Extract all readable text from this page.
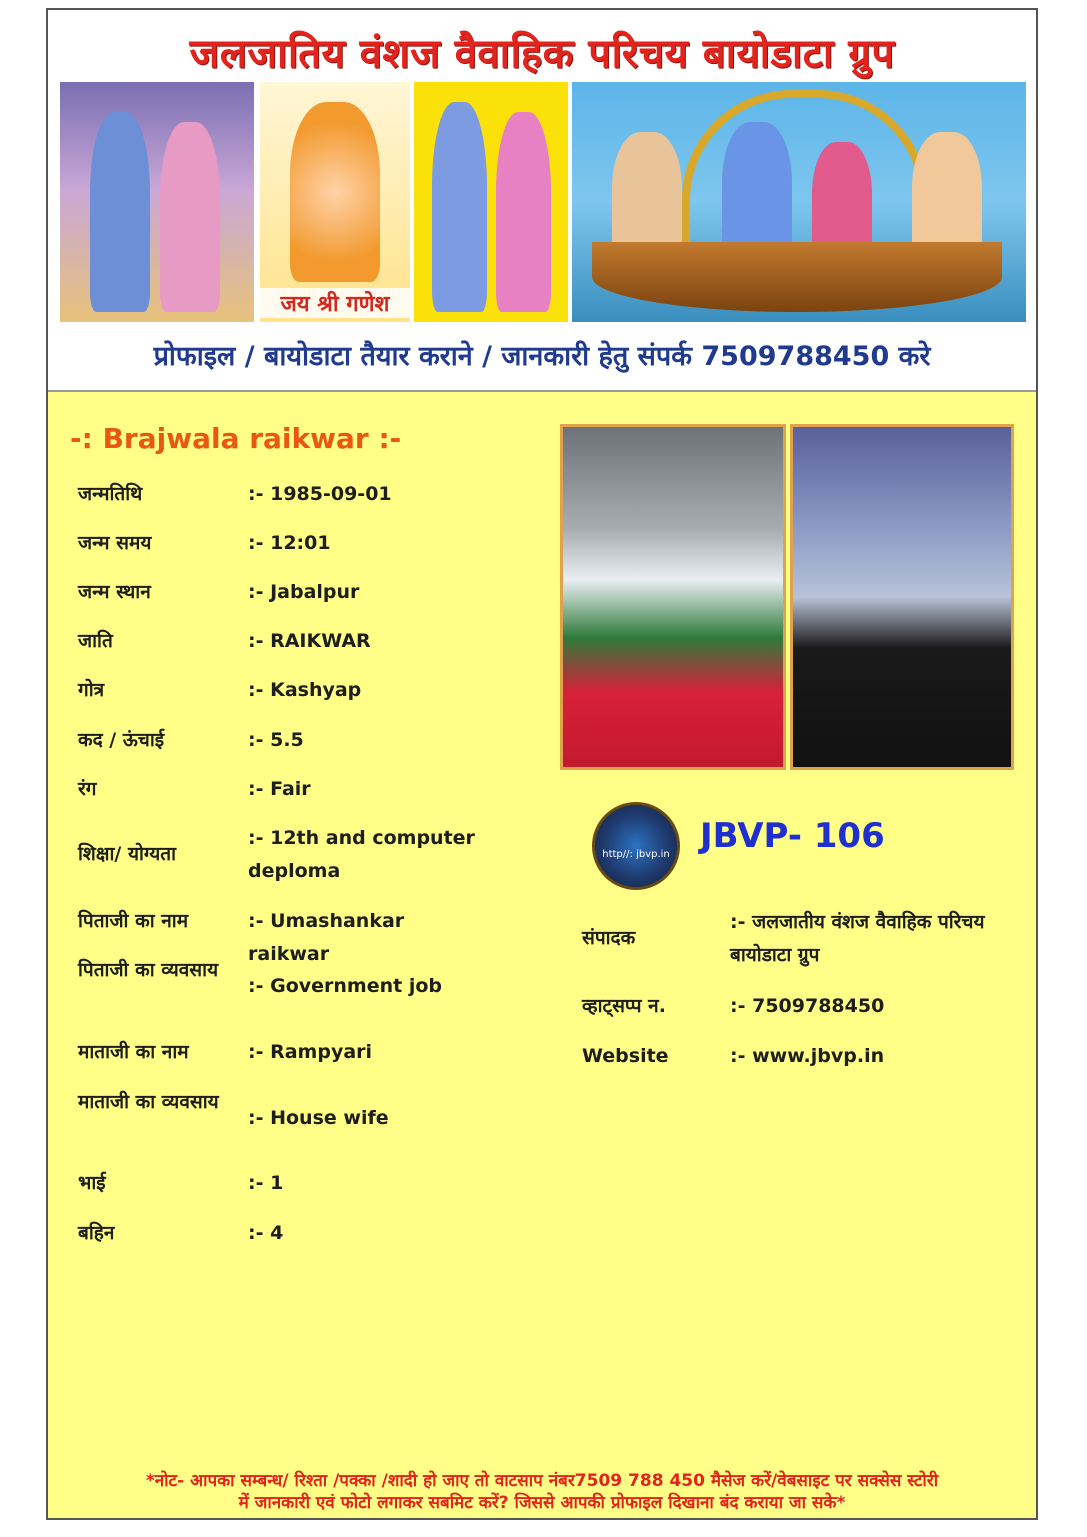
जलजातिय वंशज वैवाहिक परिचय बायोडाटा ग्रुप
जय श्री गणेश
प्रोफाइल / बायोडाटा तैयार कराने / जानकारी हेतु संपर्क 7509788450 करे
-: Brajwala raikwar :-
जन्मतिथि	:- 1985-09-01
जन्म समय	:- 12:01
जन्म स्थान	:- Jabalpur
जाति	:- RAIKWAR
गोत्र	:- Kashyap
कद / ऊंचाई	:- 5.5
रंग	:- Fair
शिक्षा/ योग्यता
:- 12th and computer deploma
पिताजी का नाम	:- Umashankar raikwar
पिताजी का व्यवसाय
:- Government job
माताजी का नाम	:- Rampyari
माताजी का व्यवसाय
:- House wife
भाई	:- 1
बहिन	:- 4
http//: jbvp.in JBVP- 106
संपादक
:- जलजातीय वंशज वैवाहिक परिचय बायोडाटा ग्रुप
व्हाट्सप्प न.	:- 7509788450
Website	:- www.jbvp.in
*नोट- आपका सम्बन्ध/ रिश्ता /पक्का /शादी हो जाए तो वाटसाप नंबर7509 788 450 मैसेज करें/वेबसाइट पर सक्सेस स्टोरी
में जानकारी एवं फोटो लगाकर सबमिट करें? जिससे आपकी प्रोफाइल दिखाना बंद कराया जा सके*
